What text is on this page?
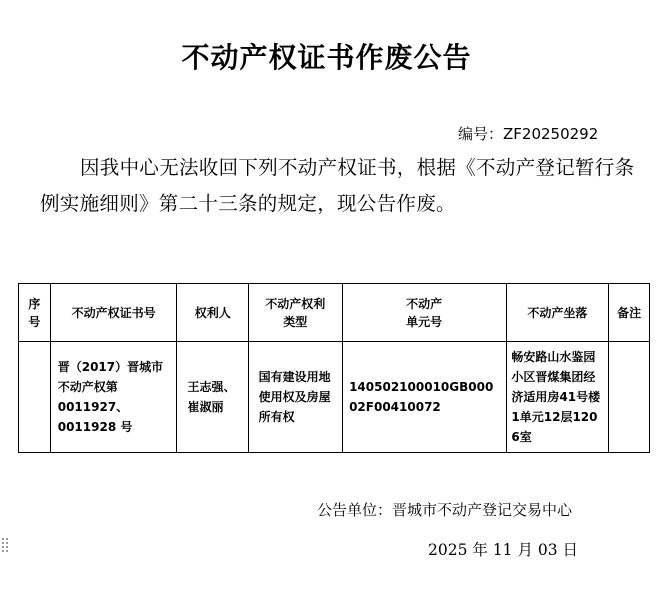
不动产权证书作废公告
编号：ZF20250292
因我中心无法收回下列不动产权证书，根据《不动产登记暂行条例实施细则》第二十三条的规定，现公告作废。
序号	不动产权证书号	权利人	不动产权利类型	不动产单元号	不动产坐落	备注

	晋（2017）晋城市不动产权第 0011927、0011928 号	王志强、崔淑丽	国有建设用地使用权及房屋所有权	140502100010GB00002F00410072	畅安路山水鉴园小区晋煤集团经济适用房41号楼1单元12层1206室	

公告单位：晋城市不动产登记交易中心
2025 年 11 月 03 日
